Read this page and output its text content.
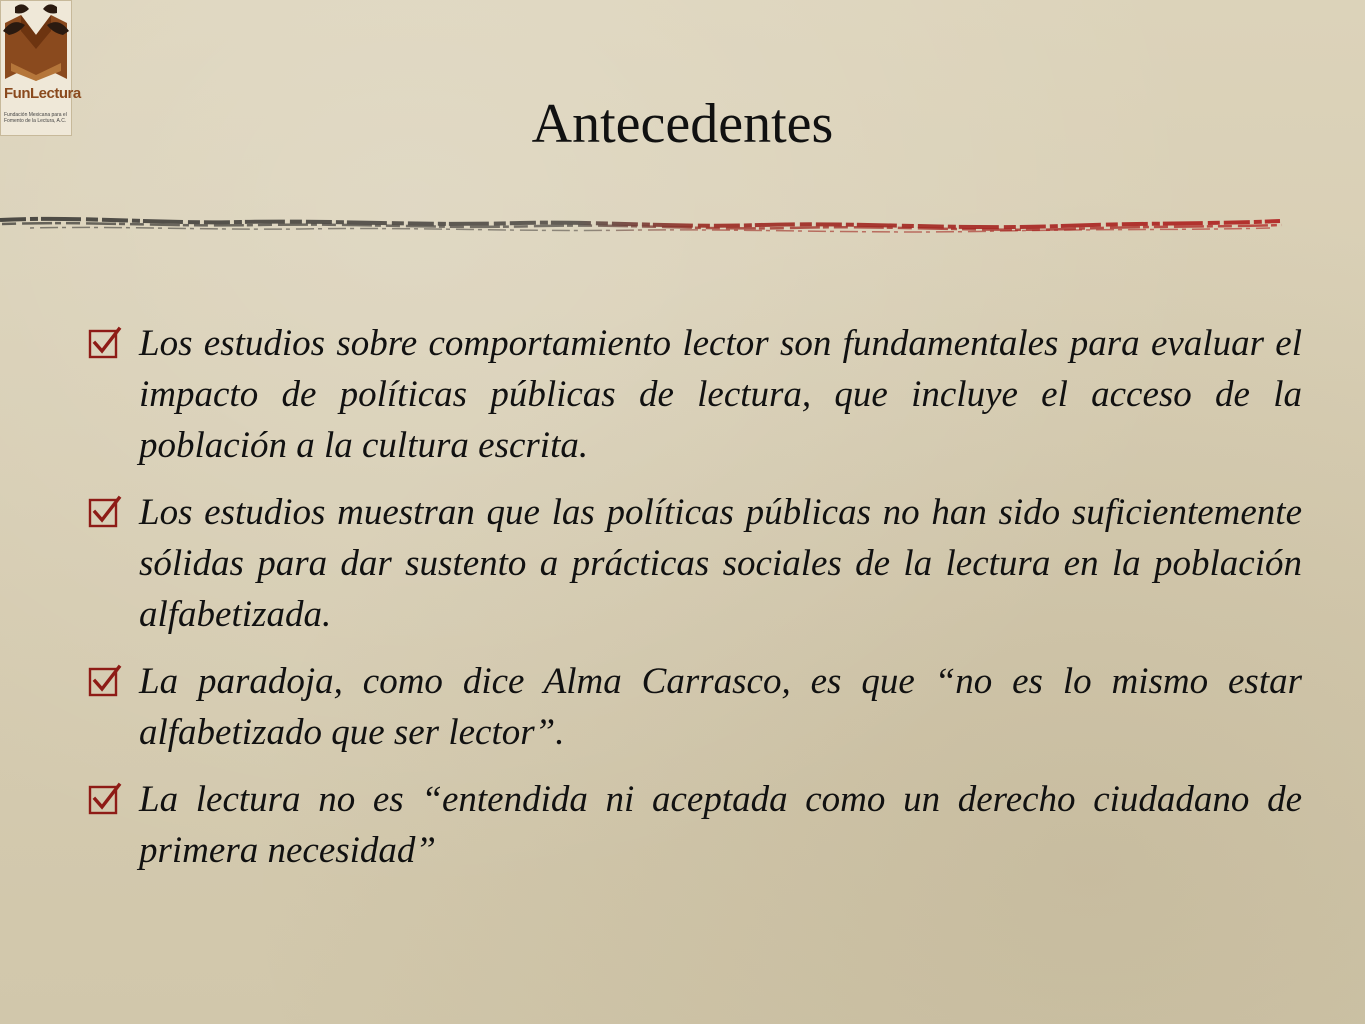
FunLectura
Fundación Mexicana para el Fomento de la Lectura, A.C.	Antecedentes
Los estudios sobre comportamiento lector son fundamentales para evaluar el impacto de políticas públicas de lectura, que incluye el acceso de la población a la cultura escrita.
Los estudios muestran que las políticas públicas no han sido suficientemente sólidas para dar sustento a prácticas sociales de la lectura en la población alfabetizada.
La paradoja, como dice Alma Carrasco, es que “no es lo mismo estar alfabetizado que ser lector”.
La lectura no es “entendida ni aceptada como un derecho ciudadano de primera necesidad”
